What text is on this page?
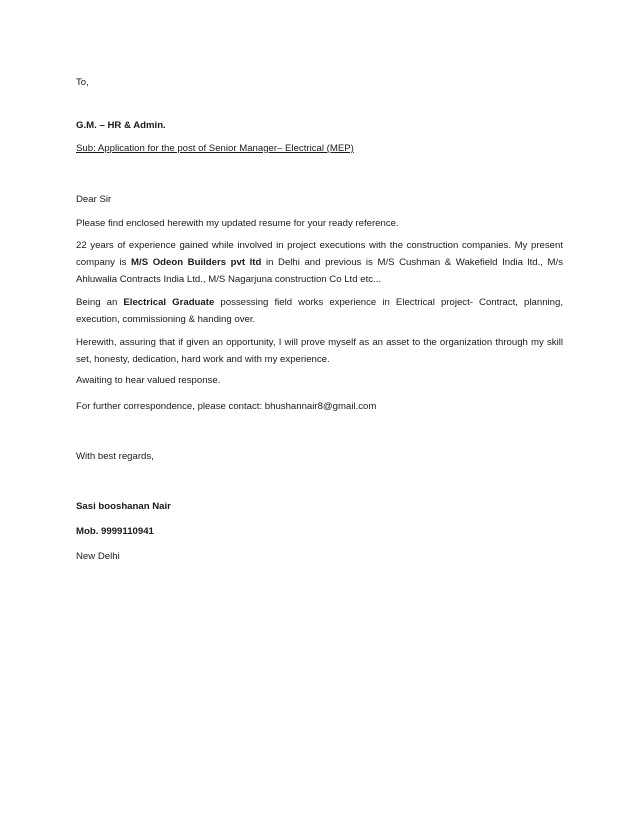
To,
G.M. – HR & Admin.
Sub: Application for the post of Senior Manager– Electrical (MEP)
Dear Sir
Please find enclosed herewith my updated resume for your ready reference.
22 years of experience gained while involved in project executions with the construction companies. My present company is M/S Odeon Builders pvt ltd in Delhi and previous is M/S Cushman & Wakefield India ltd., M/s Ahluwalia Contracts India Ltd., M/S Nagarjuna construction Co Ltd etc...
Being an Electrical Graduate possessing field works experience in Electrical project- Contract, planning, execution, commissioning & handing over.
Herewith, assuring that if given an opportunity, I will prove myself as an asset to the organization through my skill set, honesty, dedication, hard work and with my experience.
Awaiting to hear valued response.
For further correspondence, please contact: bhushannair8@gmail.com
With best regards,
Sasi booshanan Nair
Mob. 9999110941
New Delhi
